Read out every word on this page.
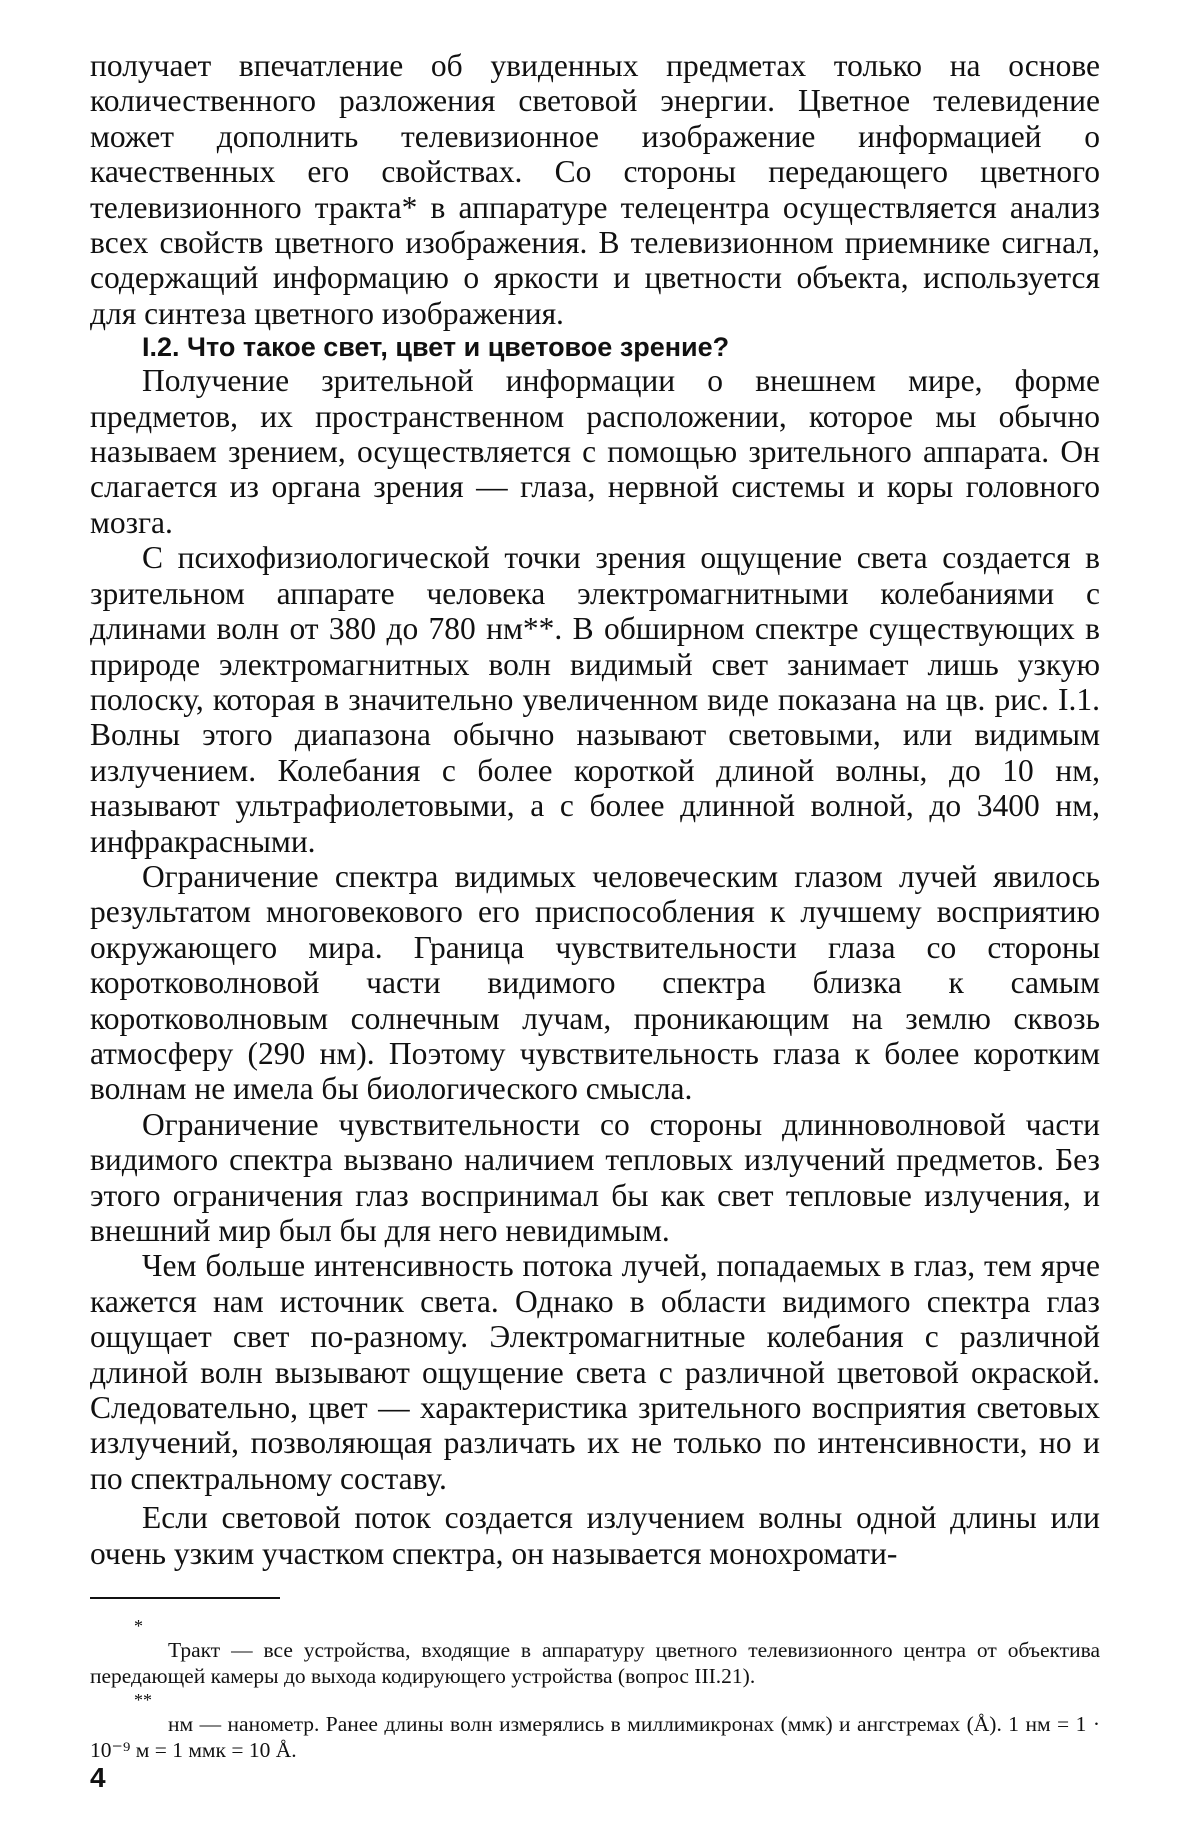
получает впечатление об увиденных предметах только на основе количественного разложения световой энергии. Цветное телевидение может дополнить телевизионное изображение информацией о качественных его свойствах. Со стороны передающего цветного телевизионного тракта* в аппаратуре телецентра осуществляется анализ всех свойств цветного изображения. В телевизионном приемнике сигнал, содержащий информацию о яркости и цветности объекта, используется для синтеза цветного изображения.

I.2. Что такое свет, цвет и цветовое зрение?

Получение зрительной информации о внешнем мире, форме предметов, их пространственном расположении, которое мы обычно называем зрением, осуществляется с помощью зрительного аппарата. Он слагается из органа зрения — глаза, нервной системы и коры головного мозга.

С психофизиологической точки зрения ощущение света создается в зрительном аппарате человека электромагнитными колебаниями с длинами волн от 380 до 780 нм**. В обширном спектре существующих в природе электромагнитных волн видимый свет занимает лишь узкую полоску, которая в значительно увеличенном виде показана на цв. рис. I.1. Волны этого диапазона обычно называют световыми, или видимым излучением. Колебания с более короткой длиной волны, до 10 нм, называют ультрафиолетовыми, а с более длинной волной, до 3400 нм, инфракрасными.

Ограничение спектра видимых человеческим глазом лучей явилось результатом многовекового его приспособления к лучшему восприятию окружающего мира. Граница чувствительности глаза со стороны коротковолновой части видимого спектра близка к самым коротковолновым солнечным лучам, проникающим на землю сквозь атмосферу (290 нм). Поэтому чувствительность глаза к более коротким волнам не имела бы биологического смысла.

Ограничение чувствительности со стороны длинноволновой части видимого спектра вызвано наличием тепловых излучений предметов. Без этого ограничения глаз воспринимал бы как свет тепловые излучения, и внешний мир был бы для него невидимым.

Чем больше интенсивность потока лучей, попадаемых в глаз, тем ярче кажется нам источник света. Однако в области видимого спектра глаз ощущает свет по-разному. Электромагнитные колебания с различной длиной волн вызывают ощущение света с различной цветовой окраской. Следовательно, цвет — характеристика зрительного восприятия световых излучений, позволяющая различать их не только по интенсивности, но и по спектральному составу.

Если световой поток создается излучением волны одной длины или очень узким участком спектра, он называется монохромати-

*

Тракт — все устройства, входящие в аппаратуру цветного телевизионного центра от объектива передающей камеры до выхода кодирующего устройства (вопрос III.21).

**

нм — нанометр. Ранее длины волн измерялись в миллимикронах (ммк) и ангстремах (Å). 1 нм = 1 · 10⁻⁹ м = 1 ммк = 10 Å.

4
